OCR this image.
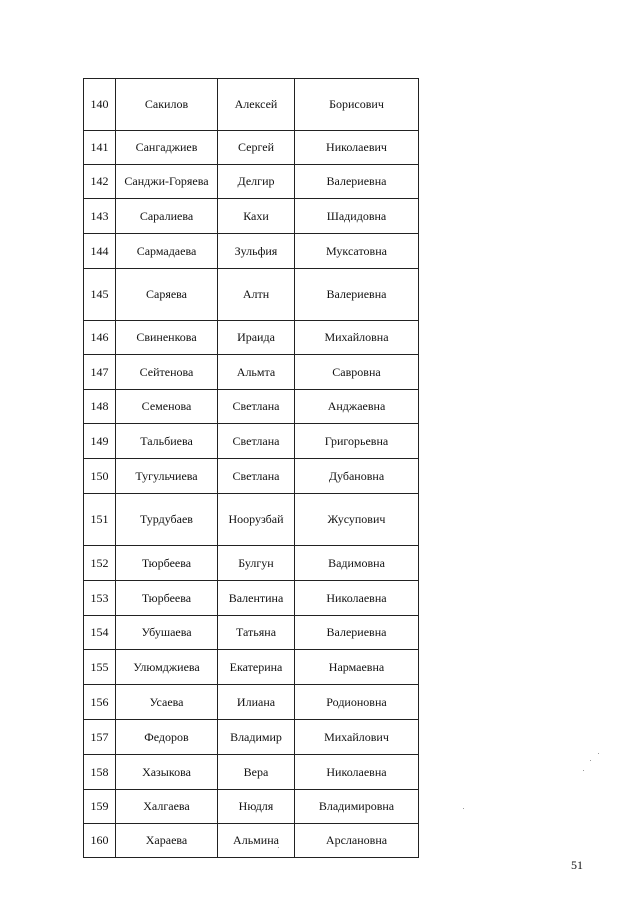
140	Сакилов	Алексей	Борисович
141	Сангаджиев	Сергей	Николаевич
142	Санджи-Горяева	Делгир	Валериевна
143	Саралиева	Кахи	Шадидовна
144	Сармадаева	Зульфия	Муксатовна
145	Саряева	Алтн	Валериевна
146	Свиненкова	Ираида	Михайловна
147	Сейтенова	Альмта	Савровна
148	Семенова	Светлана	Анджаевна
149	Тальбиева	Светлана	Григорьевна
150	Тугульчиева	Светлана	Дубановна
151	Турдубаев	Ноорузбай	Жусупович
152	Тюрбеева	Булгун	Вадимовна
153	Тюрбеева	Валентина	Николаевна
154	Убушаева	Татьяна	Валериевна
155	Улюмджиева	Екатерина	Нармаевна
156	Усаева	Илиана	Родионовна
157	Федоров	Владимир	Михайлович
158	Хазыкова	Вера	Николаевна
159	Халгаева	Нюдля	Владимировна
160	Хараева	Альмина	Арслановна
51
